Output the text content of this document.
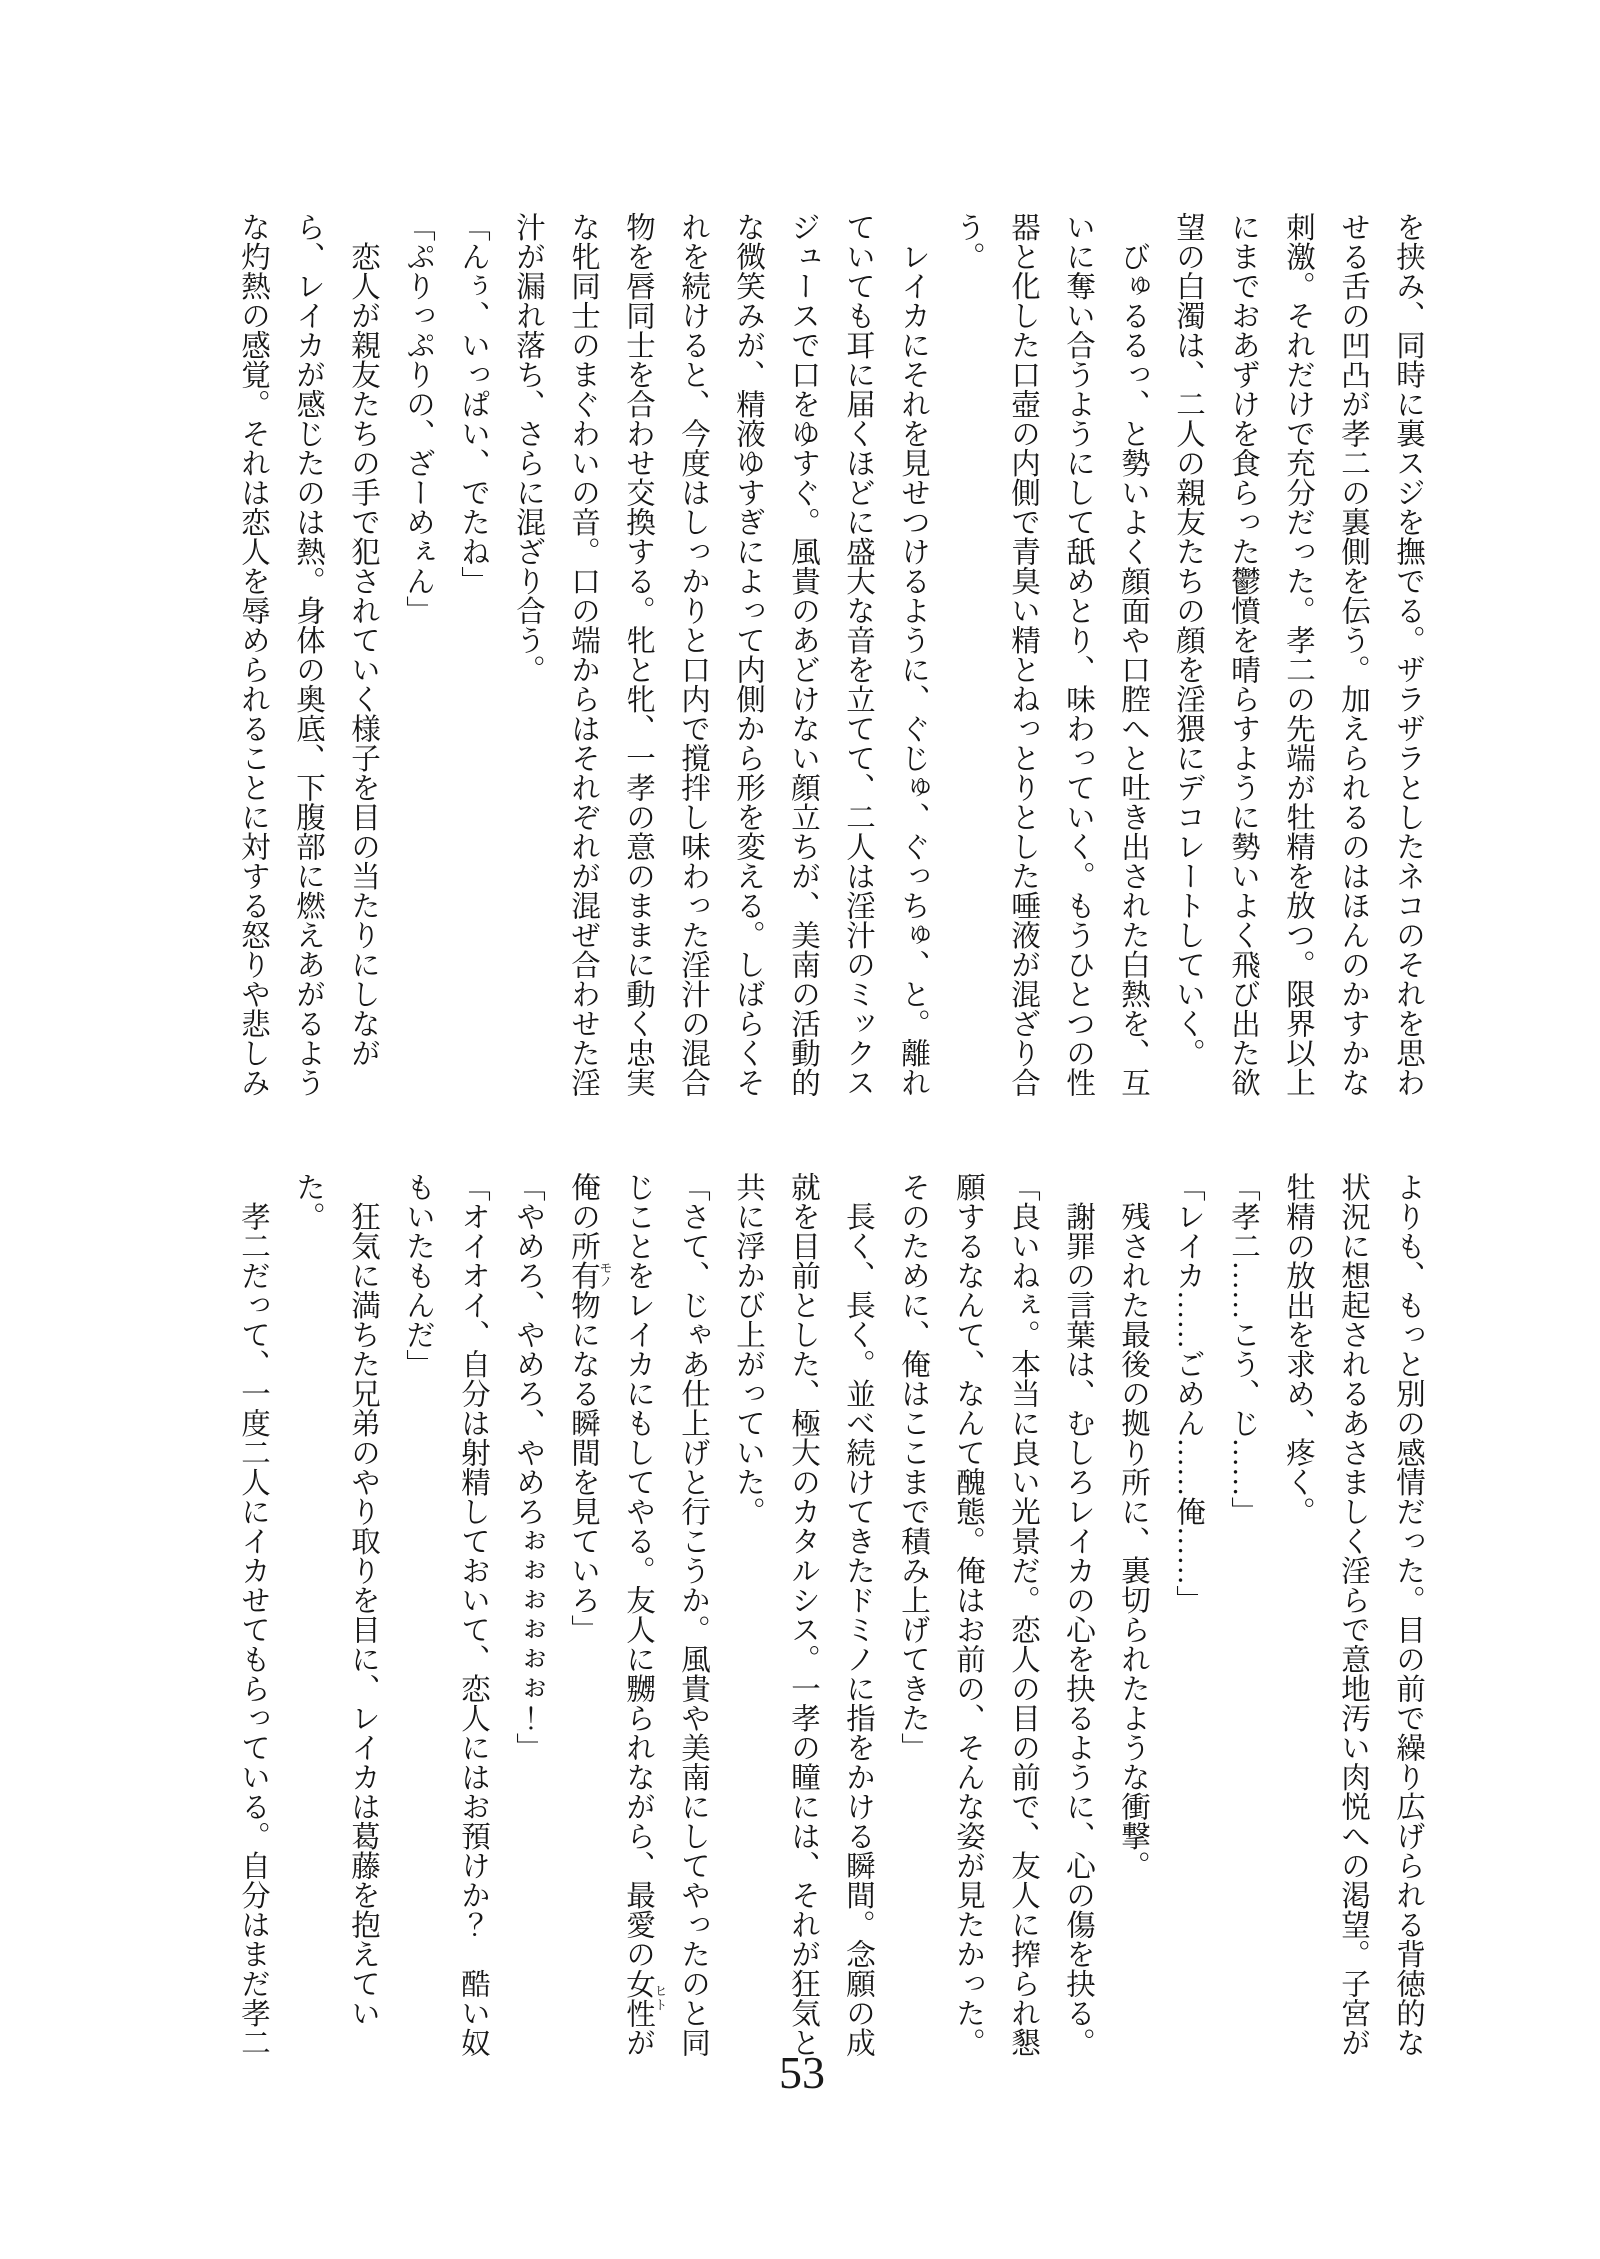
を挟み、同時に裏スジを撫でる。ザラザラとしたネコのそれを思わせる舌の凹凸が孝二の裏側を伝う。加えられるのはほんのかすかな刺激。それだけで充分だった。孝二の先端が牡精を放つ。限界以上にまでおあずけを食らった鬱憤を晴らすように勢いよく飛び出た欲望の白濁は、二人の親友たちの顔を淫猥にデコレートしていく。

　びゅるるっ、と勢いよく顔面や口腔へと吐き出された白熱を、互いに奪い合うようにして舐めとり、味わっていく。もうひとつの性器と化した口壺の内側で青臭い精とねっとりとした唾液が混ざり合う。

　レイカにそれを見せつけるように、ぐじゅ、ぐっちゅ、と。離れていても耳に届くほどに盛大な音を立てて、二人は淫汁のミックスジュースで口をゆすぐ。風貴のあどけない顔立ちが、美南の活動的な微笑みが、精液ゆすぎによって内側から形を変える。しばらくそれを続けると、今度はしっかりと口内で撹拌し味わった淫汁の混合物を唇同士を合わせ交換する。牝と牝、一孝の意のままに動く忠実な牝同士のまぐわいの音。口の端からはそれぞれが混ぜ合わせた淫汁が漏れ落ち、さらに混ざり合う。

「んぅ、いっぱい、でたね」

「ぷりっぷりの、ざーめぇん」

　恋人が親友たちの手で犯されていく様子を目の当たりにしながら、レイカが感じたのは熱。身体の奥底、下腹部に燃えあがるような灼熱の感覚。それは恋人を辱められることに対する怒りや悲しみ

よりも、もっと別の感情だった。目の前で繰り広げられる背徳的な状況に想起されるあさましく淫らで意地汚い肉悦への渇望。子宮が牡精の放出を求め、疼く。

「孝二……こう、じ……」

「レイカ……ごめん……俺……」

　残された最後の拠り所に、裏切られたような衝撃。

　謝罪の言葉は、むしろレイカの心を抉るように、心の傷を抉る。

「良いねぇ。本当に良い光景だ。恋人の目の前で、友人に搾られ懇願するなんて、なんて醜態。俺はお前の、そんな姿が見たかった。そのために、俺はここまで積み上げてきた」

　長く、長く。並べ続けてきたドミノに指をかける瞬間。念願の成就を目前とした、極大のカタルシス。一孝の瞳には、それが狂気と共に浮かび上がっていた。

「さて、じゃあ仕上げと行こうか。風貴や美南にしてやったのと同じことをレイカにもしてやる。友人に嬲られながら、最愛の女性ヒトが俺の所有物モノになる瞬間を見ていろ」

「やめろ、やめろ、やめろぉぉぉぉぉぉ！」

「オイオイ、自分は射精しておいて、恋人にはお預けか？　酷い奴もいたもんだ」

　狂気に満ちた兄弟のやり取りを目に、レイカは葛藤を抱えていた。

　孝二だって、一度二人にイカせてもらっている。自分はまだ孝二

53
